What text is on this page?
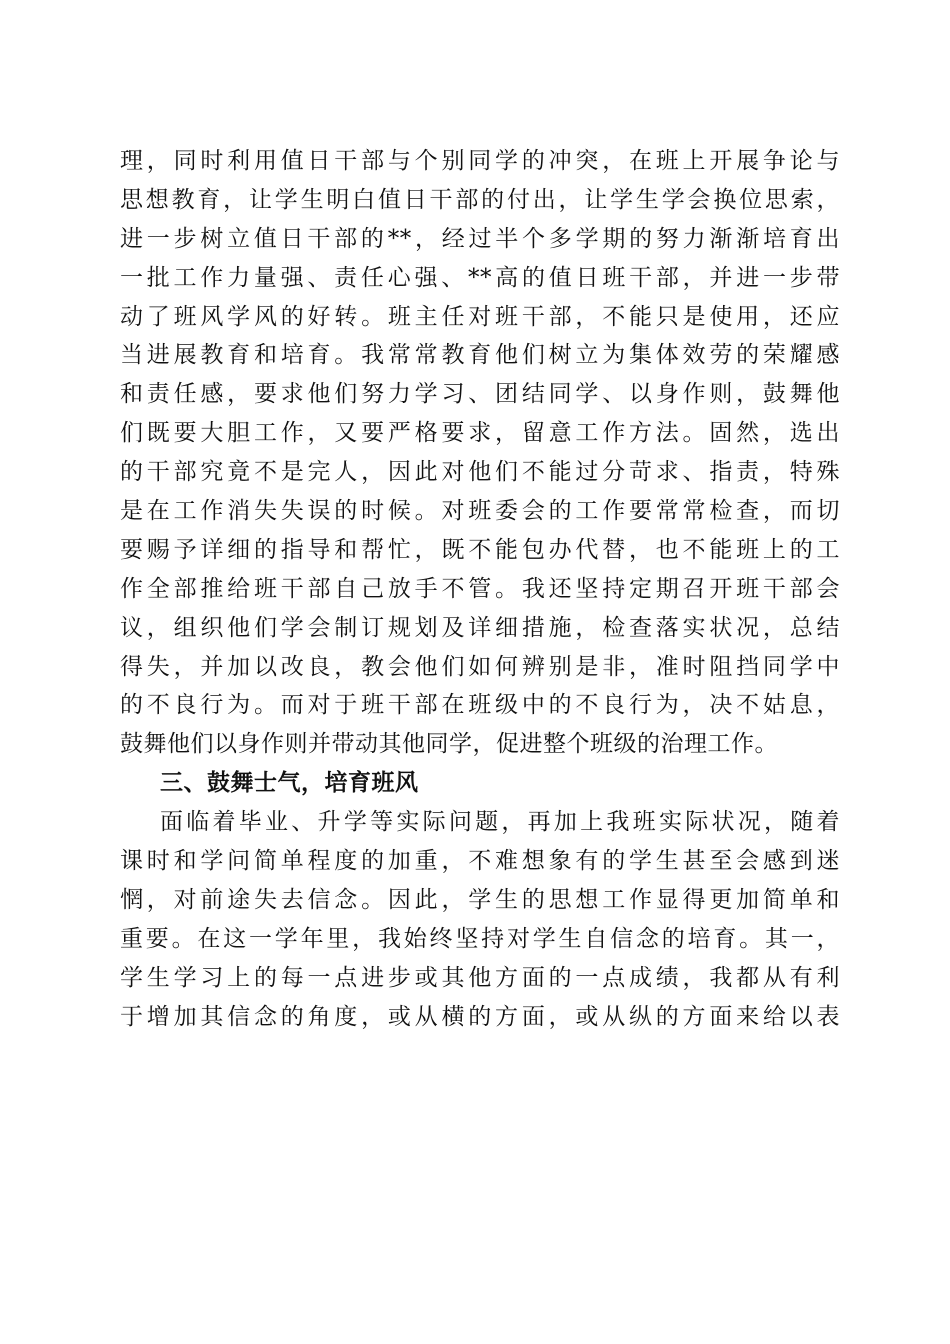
理，同时利用值日干部与个别同学的冲突，在班上开展争论与
思想教育，让学生明白值日干部的付出，让学生学会换位思索，
进一步树立值日干部的**，经过半个多学期的努力渐渐培育出
一批工作力量强、责任心强、**高的值日班干部，并进一步带
动了班风学风的好转。班主任对班干部，不能只是使用，还应
当进展教育和培育。我常常教育他们树立为集体效劳的荣耀感
和责任感，要求他们努力学习、团结同学、以身作则，鼓舞他
们既要大胆工作，又要严格要求，留意工作方法。固然，选出
的干部究竟不是完人，因此对他们不能过分苛求、指责，特殊
是在工作消失失误的时候。对班委会的工作要常常检查，而切
要赐予详细的指导和帮忙，既不能包办代替，也不能班上的工
作全部推给班干部自己放手不管。我还坚持定期召开班干部会
议，组织他们学会制订规划及详细措施，检查落实状况，总结
得失，并加以改良，教会他们如何辨别是非，准时阻挡同学中
的不良行为。而对于班干部在班级中的不良行为，决不姑息，
鼓舞他们以身作则并带动其他同学，促进整个班级的治理工作。
三、鼓舞士气，培育班风
面临着毕业、升学等实际问题，再加上我班实际状况，随着
课时和学问简单程度的加重，不难想象有的学生甚至会感到迷
惘，对前途失去信念。因此，学生的思想工作显得更加简单和
重要。在这一学年里，我始终坚持对学生自信念的培育。其一，
学生学习上的每一点进步或其他方面的一点成绩，我都从有利
于增加其信念的角度，或从横的方面，或从纵的方面来给以表
